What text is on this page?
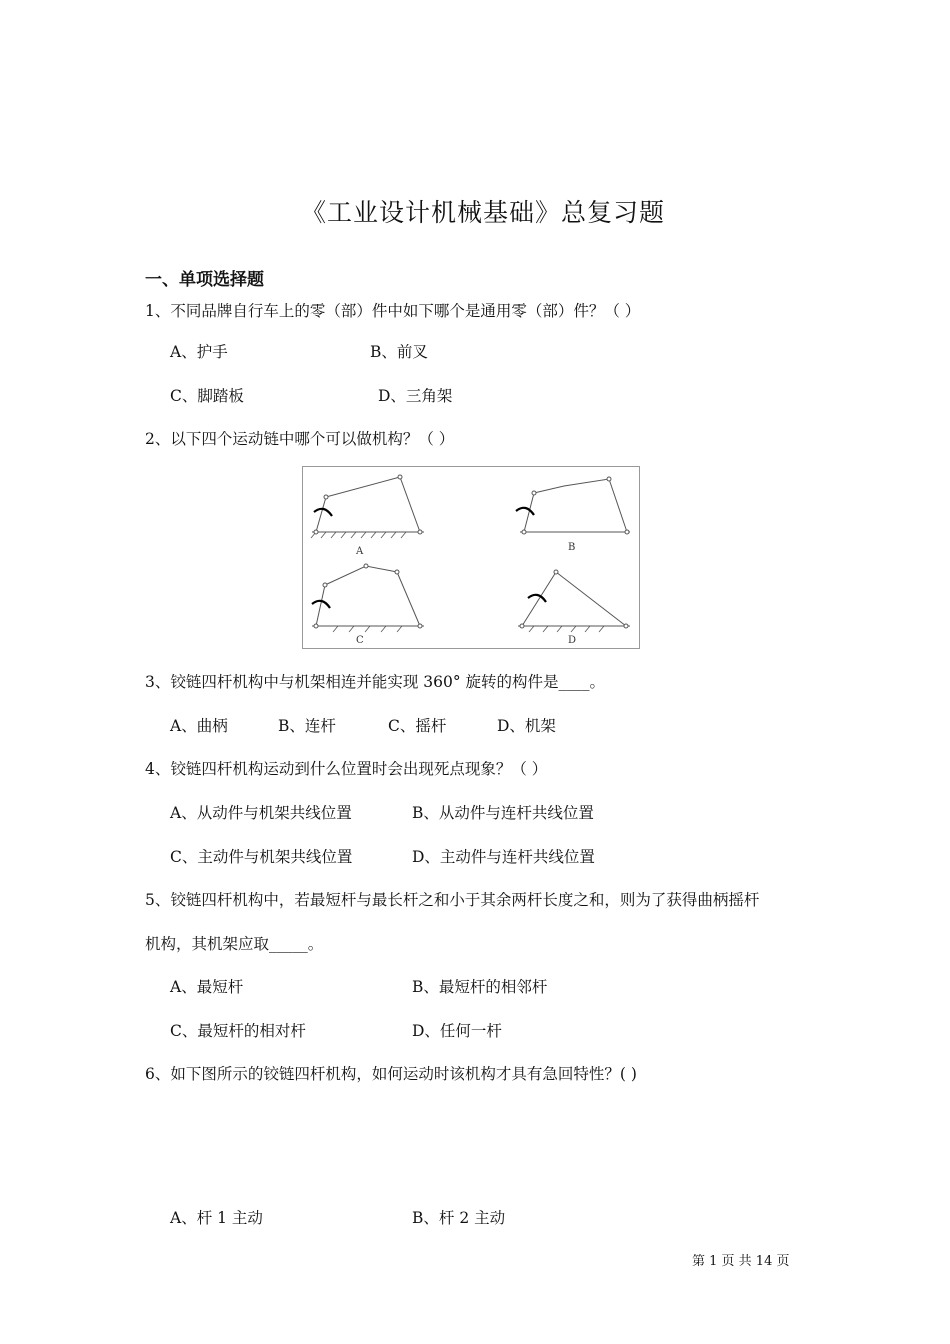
《工业设计机械基础》总复习题
一、单项选择题
1、不同品牌自行车上的零（部）件中如下哪个是通用零（部）件？（ ）
A、护手	B、前叉
C、脚踏板	D、三角架
2、以下四个运动链中哪个可以做机构？（ ）
A	B
C	D
3、铰链四杆机构中与机架相连并能实现 360° 旋转的构件是____。
A、曲柄	B、连杆	C、摇杆	D、机架
4、铰链四杆机构运动到什么位置时会出现死点现象？（ ）
A、从动件与机架共线位置	B、从动件与连杆共线位置
C、主动件与机架共线位置	D、主动件与连杆共线位置
5、铰链四杆机构中，若最短杆与最长杆之和小于其余两杆长度之和，则为了获得曲柄摇杆
机构，其机架应取_____。
A、最短杆	B、最短杆的相邻杆
C、最短杆的相对杆	D、任何一杆
6、如下图所示的铰链四杆机构，如何运动时该机构才具有急回特性？( )
A、杆 1 主动	B、杆 2 主动
第 1 页 共 14 页
